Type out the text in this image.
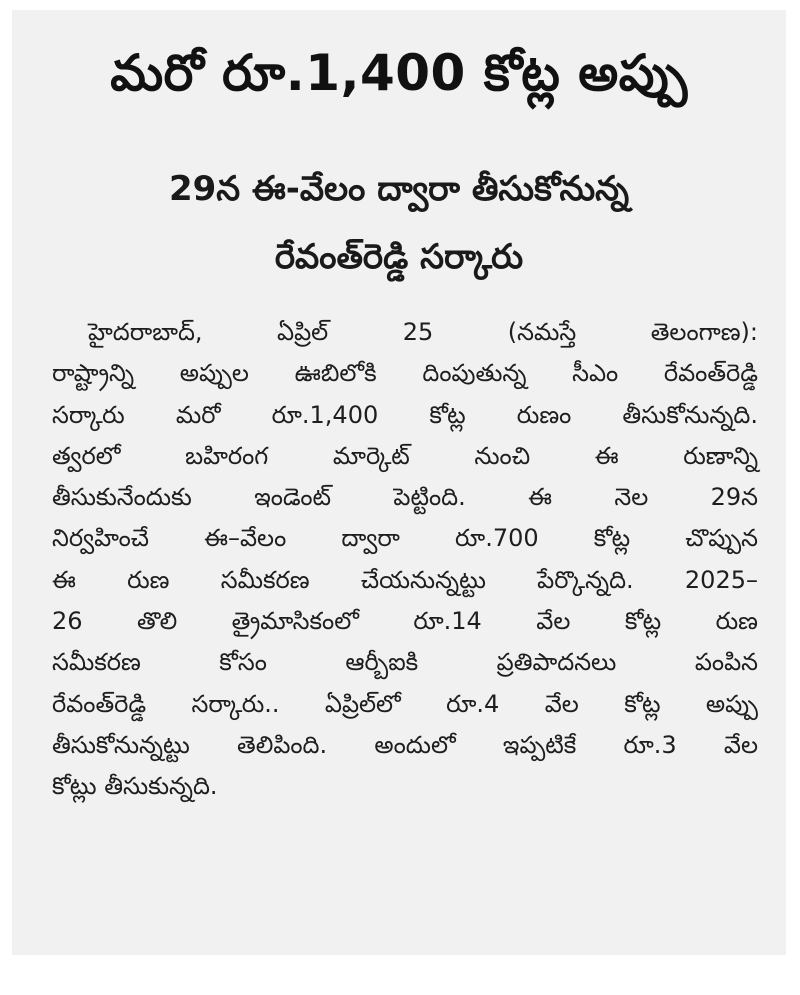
మరో రూ.1,400 కోట్ల అప్పు
29న ఈ-వేలం ద్వారా తీసుకోనున్న
రేవంత్‌రెడ్డి సర్కారు
హైదరాబాద్, ఏప్రిల్ 25 (నమస్తే తెలంగాణ):
రాష్ట్రాన్ని అప్పుల ఊబిలోకి దింపుతున్న సీఎం రేవంత్‌రెడ్డి
సర్కారు మరో రూ.1,400 కోట్ల రుణం తీసుకోనున్నది.
త్వరలో బహిరంగ మార్కెట్ నుంచి ఈ రుణాన్ని
తీసుకునేందుకు ఇండెంట్ పెట్టింది. ఈ నెల 29న
నిర్వహించే ఈ–వేలం ద్వారా రూ.700 కోట్ల చొప్పున
ఈ రుణ సమీకరణ చేయనున్నట్టు పేర్కొన్నది. 2025–
26 తొలి త్రైమాసికంలో రూ.14 వేల కోట్ల రుణ
సమీకరణ కోసం ఆర్బీఐకి ప్రతిపాదనలు పంపిన
రేవంత్‌రెడ్డి సర్కారు.. ఏప్రిల్‌లో రూ.4 వేల కోట్ల అప్పు
తీసుకోనున్నట్టు తెలిపింది. అందులో ఇప్పటికే రూ.3 వేల
కోట్లు తీసుకున్నది.
